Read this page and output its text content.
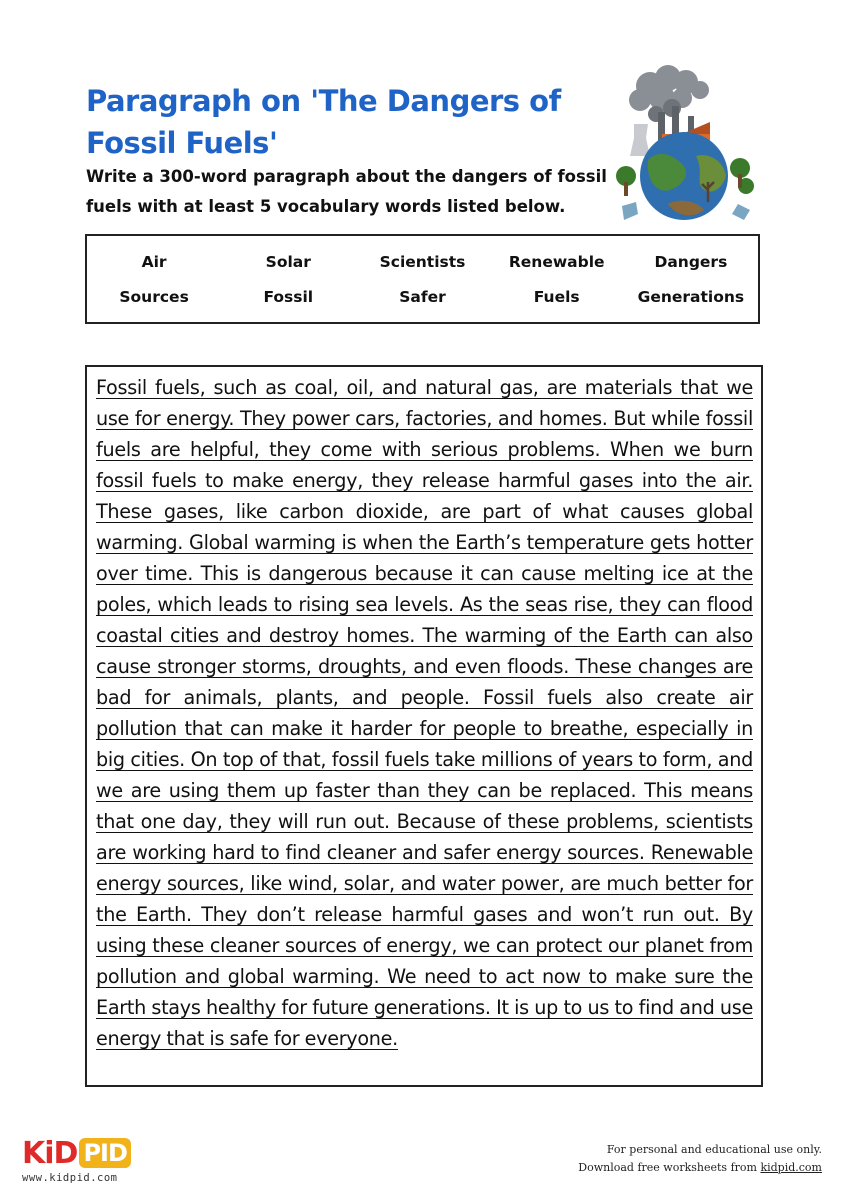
Paragraph on 'The Dangers of Fossil Fuels'

Write a 300-word paragraph about the dangers of fossil fuels with at least 5 vocabulary words listed below.

Air	Solar	Scientists	Renewable	Dangers
Sources	Fossil	Safer	Fuels	Generations

Fossil fuels, such as coal, oil, and natural gas, are materials that we use for energy. They power cars, factories, and homes. But while fossil fuels are helpful, they come with serious problems. When we burn fossil fuels to make energy, they release harmful gases into the air. These gases, like carbon dioxide, are part of what causes global warming. Global warming is when the Earth’s temperature gets hotter over time. This is dangerous because it can cause melting ice at the poles, which leads to rising sea levels. As the seas rise, they can flood coastal cities and destroy homes. The warming of the Earth can also cause stronger storms, droughts, and even floods. These changes are bad for animals, plants, and people. Fossil fuels also create air pollution that can make it harder for people to breathe, especially in big cities. On top of that, fossil fuels take millions of years to form, and we are using them up faster than they can be replaced. This means that one day, they will run out. Because of these problems, scientists are working hard to find cleaner and safer energy sources. Renewable energy sources, like wind, solar, and water power, are much better for the Earth. They don’t release harmful gases and won’t run out. By using these cleaner sources of energy, we can protect our planet from pollution and global warming. We need to act now to make sure the Earth stays healthy for future generations. It is up to us to find and use energy that is safe for everyone.

KiD PID
www.kidpid.com
For personal and educational use only.
Download free worksheets from kidpid.com
